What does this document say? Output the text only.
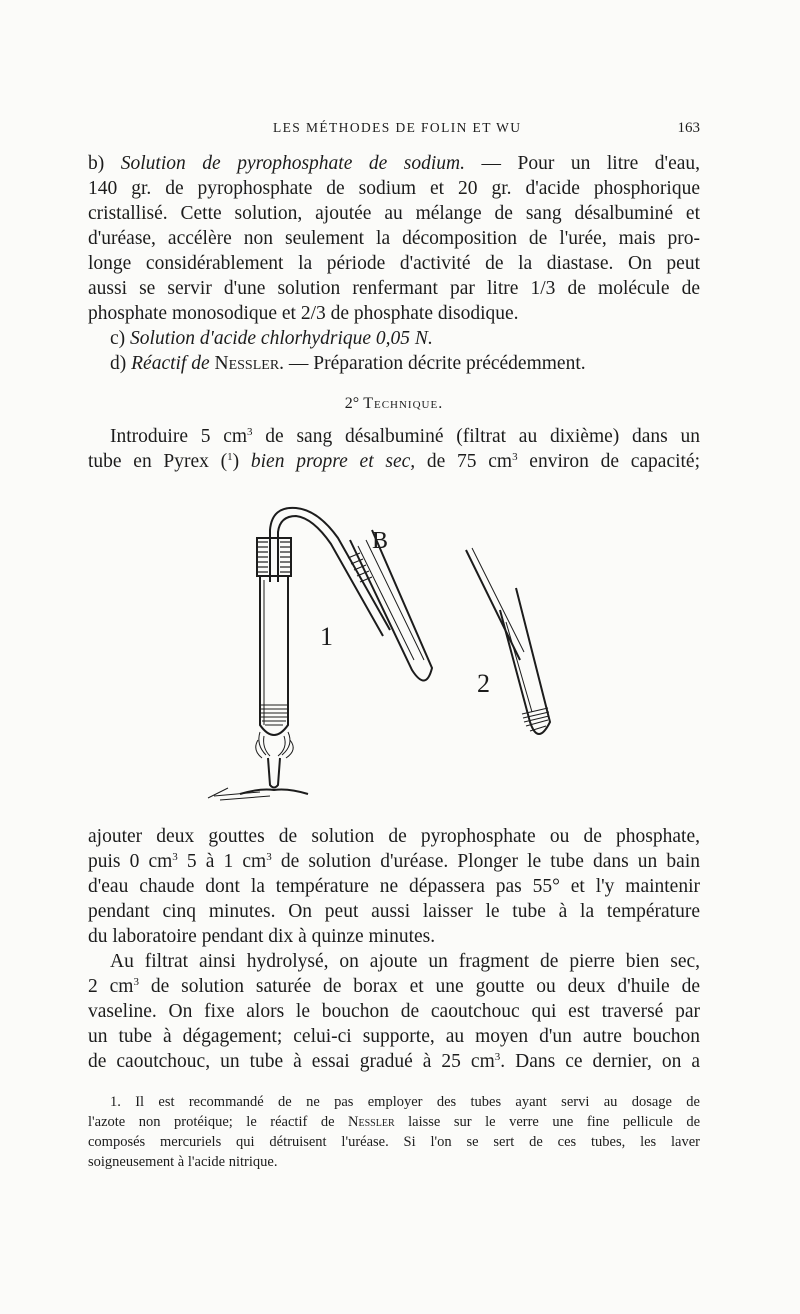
LES MÉTHODES DE FOLIN ET WU	163
b) Solution de pyrophosphate de sodium. — Pour un litre d'eau,
140 gr. de pyrophosphate de sodium et 20 gr. d'acide phosphorique
cristallisé. Cette solution, ajoutée au mélange de sang désalbuminé et
d'uréase, accélère non seulement la décomposition de l'urée, mais pro-
longe considérablement la période d'activité de la diastase. On peut
aussi se servir d'une solution renfermant par litre 1/3 de molécule de
phosphate monosodique et 2/3 de phosphate disodique.
c) Solution d'acide chlorhydrique 0,05 N.
d) Réactif de Nessler. — Préparation décrite précédemment.
2° Technique.
Introduire 5 $cm^3$ de sang désalbuminé (filtrat au dixième) dans un
tube en Pyrex ($^1$) bien propre et sec, de 75 $cm^3$ environ de capacité;
B
1
2
ajouter deux gouttes de solution de pyrophosphate ou de phosphate,
puis 0 $cm^3$ 5 à 1 $cm^3$ de solution d'uréase. Plonger le tube dans un bain
d'eau chaude dont la température ne dépassera pas 55° et l'y maintenir
pendant cinq minutes. On peut aussi laisser le tube à la température
du laboratoire pendant dix à quinze minutes.
Au filtrat ainsi hydrolysé, on ajoute un fragment de pierre bien sec,
2 $cm^3$ de solution saturée de borax et une goutte ou deux d'huile de
vaseline. On fixe alors le bouchon de caoutchouc qui est traversé par
un tube à dégagement; celui-ci supporte, au moyen d'un autre bouchon
de caoutchouc, un tube à essai gradué à 25 $cm^3$. Dans ce dernier, on a
1. Il est recommandé de ne pas employer des tubes ayant servi au dosage de
l'azote non protéique; le réactif de Nessler laisse sur le verre une fine pellicule de
composés mercuriels qui détruisent l'uréase. Si l'on se sert de ces tubes, les laver
soigneusement à l'acide nitrique.
